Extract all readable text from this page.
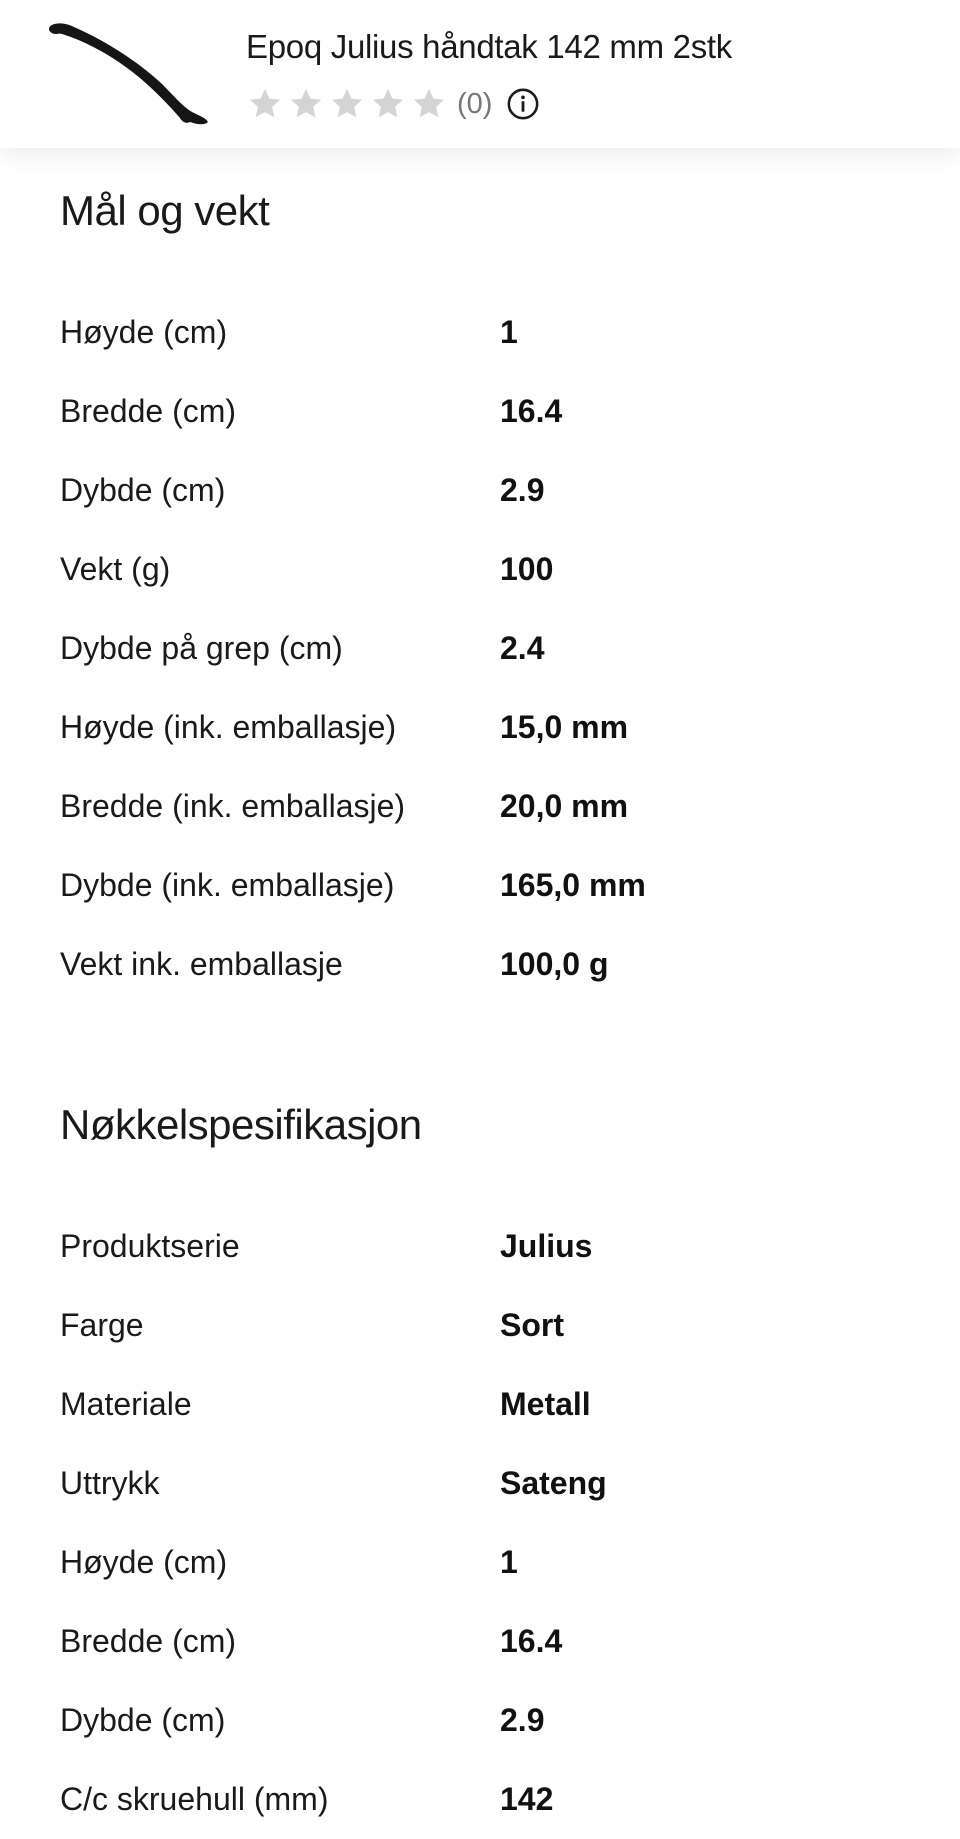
Epoq Julius håndtak 142 mm 2stk
(0)
Mål og vekt
Høyde (cm)	1
Bredde (cm)	16.4
Dybde (cm)	2.9
Vekt (g)	100
Dybde på grep (cm)	2.4
Høyde (ink. emballasje)	15,0 mm
Bredde (ink. emballasje)	20,0 mm
Dybde (ink. emballasje)	165,0 mm
Vekt ink. emballasje	100,0 g
Nøkkelspesifikasjon
Produktserie	Julius
Farge	Sort
Materiale	Metall
Uttrykk	Sateng
Høyde (cm)	1
Bredde (cm)	16.4
Dybde (cm)	2.9
C/c skruehull (mm)	142
